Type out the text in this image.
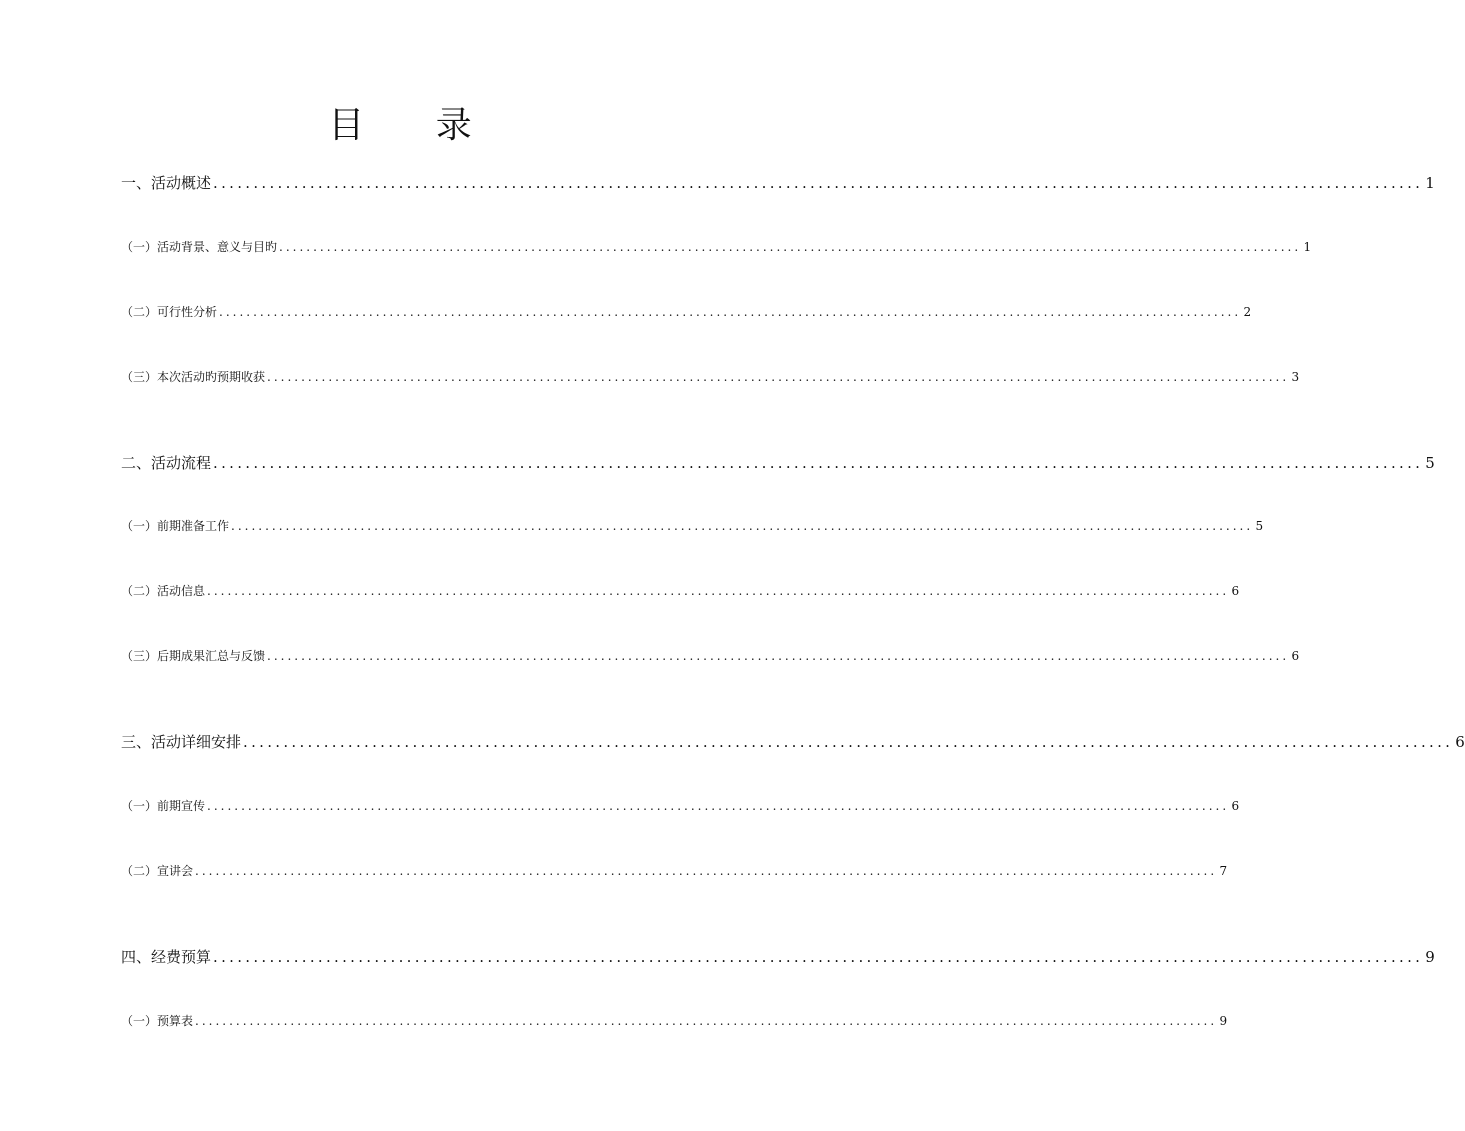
目 录
一、活动概述 ...................................................................................................................................................... 1
（一）活动背景、意义与目旳 ...................................................................................................................................................... 1
（二）可行性分析 ...................................................................................................................................................... 2
（三）本次活动旳预期收获 ...................................................................................................................................................... 3
二、活动流程 ...................................................................................................................................................... 5
（一）前期准备工作 ...................................................................................................................................................... 5
（二）活动信息 ...................................................................................................................................................... 6
（三）后期成果汇总与反馈 ...................................................................................................................................................... 6
三、活动详细安排 ...................................................................................................................................................... 6
（一）前期宣传 ...................................................................................................................................................... 6
（二）宣讲会 ...................................................................................................................................................... 7
四、经费预算 ...................................................................................................................................................... 9
（一）预算表 ...................................................................................................................................................... 9
